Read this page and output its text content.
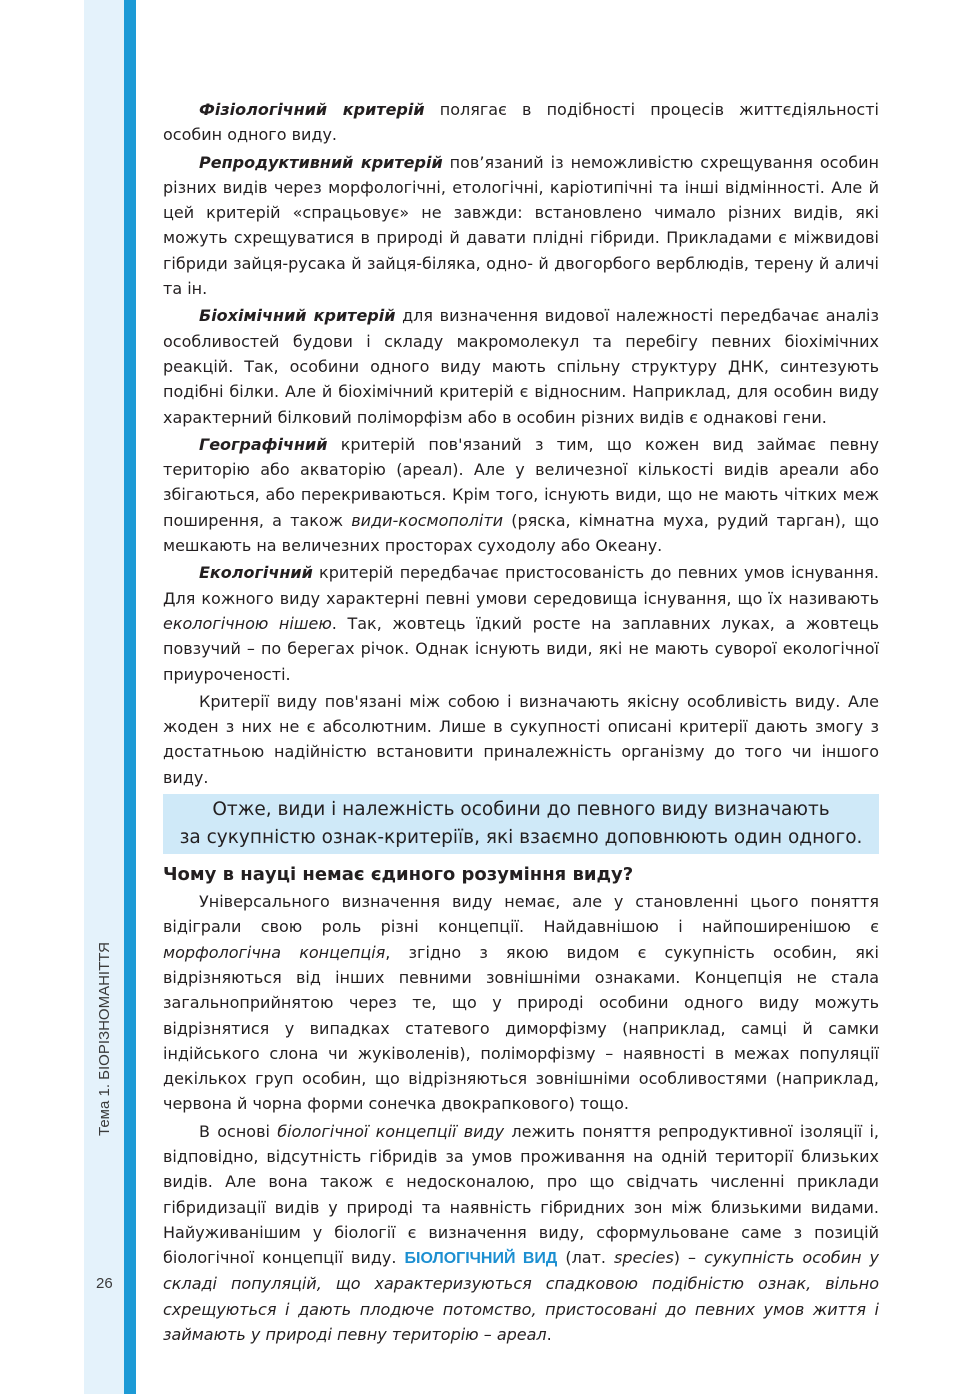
Тема 1. БІОРІЗНОМАНІТТЯ
26

Фізіологічний критерій полягає в подібності процесів життєдіяльності особин одного виду.

Репродуктивний критерій пов’язаний із неможливістю схрещування особин різних видів через морфологічні, етологічні, каріотипічні та інші відмінності. Але й цей критерій «спрацьовує» не завжди: встановлено чимало різних видів, які можуть схрещуватися в природі й давати плідні гібриди. Прикладами є міжвидові гібриди зайця-русака й зайця-біляка, одно- й двогорбого верблюдів, терену й аличі та ін.

Біохімічний критерій для визначення видової належності передбачає аналіз особливостей будови і складу макромолекул та перебігу певних біохімічних реакцій. Так, особини одного виду мають спільну структуру ДНК, синтезують подібні білки. Але й біохімічний критерій є відносним. Наприклад, для особин виду характерний білковий поліморфізм або в особин різних видів є однакові гени.

Географічний критерій пов'язаний з тим, що кожен вид займає певну територію або акваторію (ареал). Але у величезної кількості видів ареали або збігаються, або перекриваються. Крім того, існують види, що не мають чітких меж поширення, а також види-космополіти (ряска, кімнатна муха, рудий тарган), що мешкають на величезних просторах суходолу або Океану.

Екологічний критерій передбачає пристосованість до певних умов існування. Для кожного виду характерні певні умови середовища існування, що їх називають екологічною нішею. Так, жовтець їдкий росте на заплавних луках, а жовтець повзучий – по берегах річок. Однак існують види, які не мають суворої екологічної приуроченості.

Критерії виду пов'язані між собою і визначають якісну особливість виду. Але жоден з них не є абсолютним. Лише в сукупності описані критерії дають змогу з достатньою надійністю встановити приналежність організму до того чи іншого виду.

Отже, види і належність особини до певного виду визначають
за сукупністю ознак-критеріїв, які взаємно доповнюють один одного.
Чому в науці немає єдиного розуміння виду?

Універсального визначення виду немає, але у становленні цього поняття відіграли свою роль різні концепції. Найдавнішою і найпоширенішою є морфологічна концепція, згідно з якою видом є сукупність особин, які відрізняються від інших певними зовнішніми ознаками. Концепція не стала загальноприйнятою через те, що у природі особини одного виду можуть відрізнятися у випадках статевого диморфізму (наприклад, самці й самки індійського слона чи жуківоленів), поліморфізму – наявності в межах популяції декількох груп особин, що відрізняються зовнішніми особливостями (наприклад, червона й чорна форми сонечка двокрапкового) тощо.

В основі біологічної концепції виду лежить поняття репродуктивної ізоляції і, відповідно, відсутність гібридів за умов проживання на одній території близьких видів. Але вона також є недосконалою, про що свідчать численні приклади гібридизації видів у природі та наявність гібридних зон між близькими видами. Найуживанішим у біології є визначення виду, сформульоване саме з позицій біологічної концепції виду. БІОЛОГІЧНИЙ ВИД (лат. species) – сукупність особин у складі популяцій, що характеризуються спадковою подібністю ознак, вільно схрещуються і дають плодюче потомство, пристосовані до певних умов життя і займають у природі певну територію – ареал.
